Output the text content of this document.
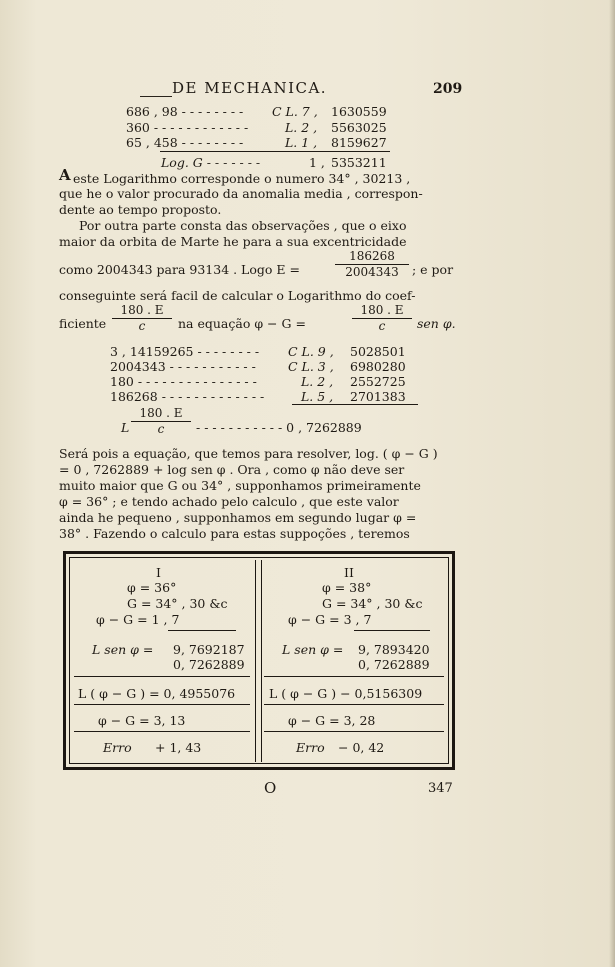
DE MECHANICA.	209
686 , 98 - - - - - - - - C L. 7 , 1630559
360 - - - - - - - - - - - -	L. 2 , 5563025
65 , 458 - - - - - - - -	L. 1 , 8159627
Log. G - - - - - - -	1 , 5353211
A este Logarithmo corresponde o numero 34° , 30213 ,
que he o valor procurado da anomalia media , correspon-
dente ao tempo proposto.
Por outra parte consta das observações , que o eixo
maior da orbita de Marte he para a sua excentricidade
como 2004343 para 93134 . Logo E =	$\frac{186268}{2004343}$ ; e por
conseguinte será facil de calcular o Logarithmo do coef-
ficiente $\frac{180 . E}{c}$ na equação φ − G =	$\frac{180 . E}{c}$ sen φ.
3 , 14159265 - - - - - - - - C L. 9 , 5028501
2004343 - - - - - - - - - - -	C L. 3 , 6980280
180 - - - - - - - - - - - - - - -	L. 2 , 2552725
186268 - - - - - - - - - - - - -	L. 5 , 2701383
L $\frac{180 . E}{c}$ - - - - - - - - - - - 0 , 7262889
Será pois a equação, que temos para resolver, log. ( φ − G )
= 0 , 7262889 + log sen φ . Ora , como φ não deve ser
muito maior que G ou 34° , supponhamos primeiramente
φ = 36° ; e tendo achado pelo calculo , que este valor
ainda he pequeno , supponhamos em segundo lugar φ =
38° . Fazendo o calculo para estas suppoções , teremos
I
φ = 36°
G = 34° , 30 &c
φ − G = 1 , 7
L sen φ = 9, 7692187
0, 7262889
L ( φ − G ) = 0, 4955076
φ − G = 3, 13
Erro + 1, 43
II
φ = 38°
G = 34° , 30 &c
φ − G = 3 , 7
L sen φ = 9, 7893420
0, 7262889
L ( φ − G ) − 0,5156309
φ − G = 3, 28
Erro − 0, 42
O	347
